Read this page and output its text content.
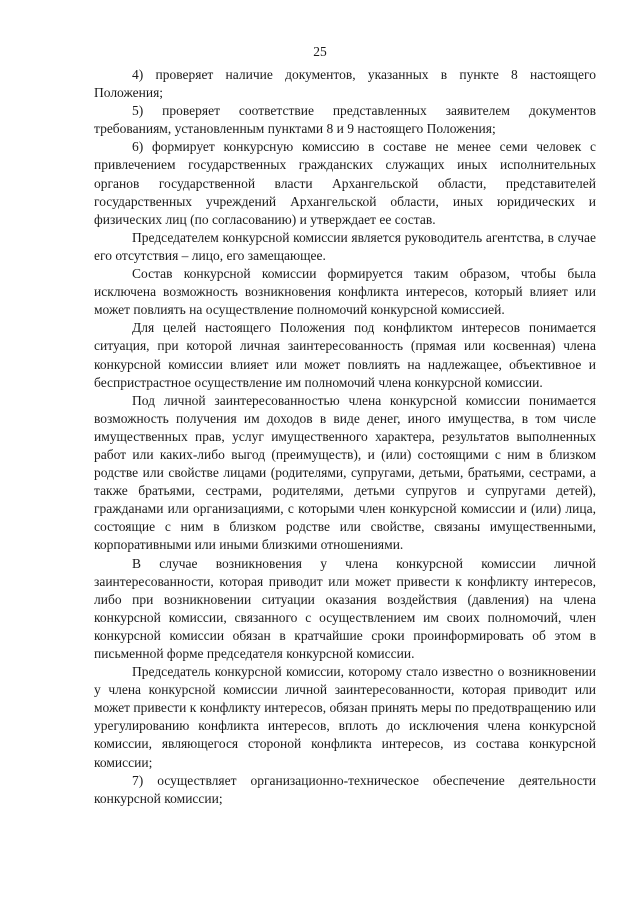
25

4) проверяет наличие документов, указанных в пункте 8 настоящего Положения;

5) проверяет соответствие представленных заявителем документов требованиям, установленным пунктами 8 и 9 настоящего Положения;

6) формирует конкурсную комиссию в составе не менее семи человек с привлечением государственных гражданских служащих иных исполнительных органов государственной власти Архангельской области, представителей государственных учреждений Архангельской области, иных юридических и физических лиц (по согласованию) и утверждает ее состав.

Председателем конкурсной комиссии является руководитель агентства, в случае его отсутствия – лицо, его замещающее.

Состав конкурсной комиссии формируется таким образом, чтобы была исключена возможность возникновения конфликта интересов, который влияет или может повлиять на осуществление полномочий конкурсной комиссией.

Для целей настоящего Положения под конфликтом интересов понимается ситуация, при которой личная заинтересованность (прямая или косвенная) члена конкурсной комиссии влияет или может повлиять на надлежащее, объективное и беспристрастное осуществление им полномочий члена конкурсной комиссии.

Под личной заинтересованностью члена конкурсной комиссии понимается возможность получения им доходов в виде денег, иного имущества, в том числе имущественных прав, услуг имущественного характера, результатов выполненных работ или каких-либо выгод (преимуществ), и (или) состоящими с ним в близком родстве или свойстве лицами (родителями, супругами, детьми, братьями, сестрами, а также братьями, сестрами, родителями, детьми супругов и супругами детей), гражданами или организациями, с которыми член конкурсной комиссии и (или) лица, состоящие с ним в близком родстве или свойстве, связаны имущественными, корпоративными или иными близкими отношениями.

В случае возникновения у члена конкурсной комиссии личной заинтересованности, которая приводит или может привести к конфликту интересов, либо при возникновении ситуации оказания воздействия (давления) на члена конкурсной комиссии, связанного с осуществлением им своих полномочий, член конкурсной комиссии обязан в кратчайшие сроки проинформировать об этом в письменной форме председателя конкурсной комиссии.

Председатель конкурсной комиссии, которому стало известно о возникновении у члена конкурсной комиссии личной заинтересованности, которая приводит или может привести к конфликту интересов, обязан принять меры по предотвращению или урегулированию конфликта интересов, вплоть до исключения члена конкурсной комиссии, являющегося стороной конфликта интересов, из состава конкурсной комиссии;

7) осуществляет организационно-техническое обеспечение деятельности конкурсной комиссии;
